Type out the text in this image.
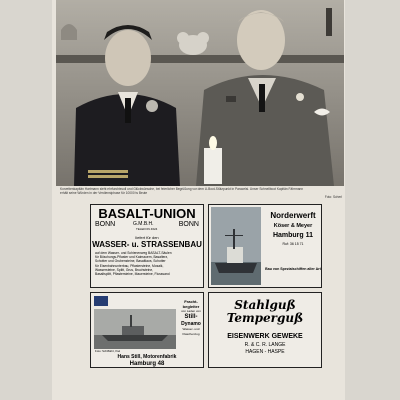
Korvettenkapitän Hartmann sieht ehrfurchtsvoll und Glückwünsche, bei feierlicher Begrüßung vor dem U-Boot-Stützpunkt in Paracelsi. Unser Schnellboot Kapitän Fährmann
erhält seine Würden in der Verdienstphase für 10000 ts Beute
Foto: Scherl
BASALT-UNION
BONN	G.M.B.H.
TELEFON 4624
BONN
liefert für den
WASSER- u. STRASSENBAU
auf dem Wasser- und Schienenweg BASALT-Säulen
für Böschungs-Pflaster und Kaimauern, Basalterz,
Schotter und Grubensteine, Basaltlava, Schotter
für Eisenbahnunterbau, Pflastersteine, Mosaik,
Wassersteine, Splitt, Grus, Bruchsteine,
Basaltsplitt, Pflastersteine, Mauersteine, Flusssand
Norderwerft
Köser & Meyer
Hamburg 11
Ruf: 36 15 71
Bau von Spezialschiffen aller Art
Foto: Schiffahrt, Kiel
Fracht-
begleiter
von Laden von
Still-
Dynamo
Wasser- und
Flaschenzug
Hans Still, Motorenfabrik
Hamburg 48
Stahlguß
Temperguß
EISENWERK GEWEKE
R. & C. R. LANGE
HAGEN - HASPE
